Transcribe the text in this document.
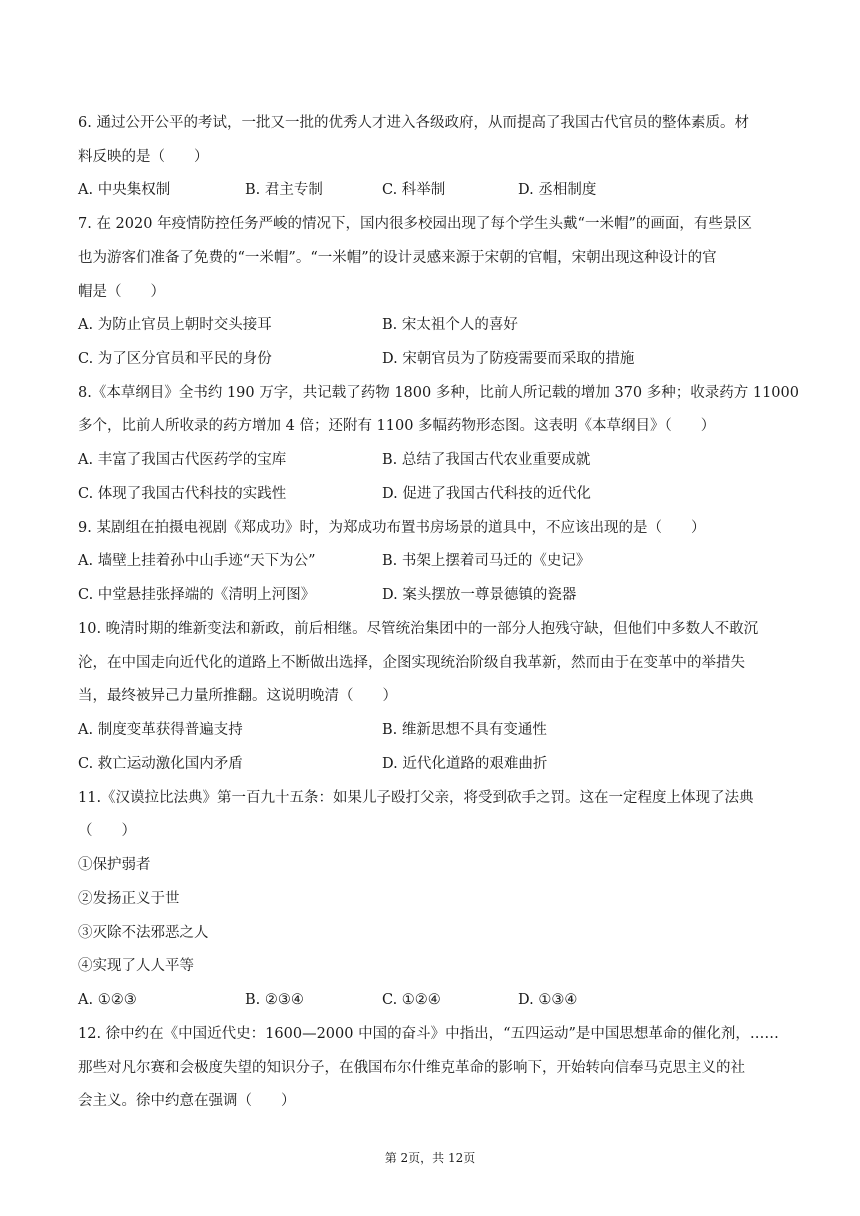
6. 通过公开公平的考试，一批又一批的优秀人才进入各级政府，从而提高了我国古代官员的整体素质。材
料反映的是（　　）
A. 中央集权制	B. 君主专制	C. 科举制	D. 丞相制度
7. 在 2020 年疫情防控任务严峻的情况下，国内很多校园出现了每个学生头戴“一米帽”的画面，有些景区
也为游客们准备了免费的“一米帽”。“一米帽”的设计灵感来源于宋朝的官帽，宋朝出现这种设计的官
帽是（　　）
A. 为防止官员上朝时交头接耳	B. 宋太祖个人的喜好
C. 为了区分官员和平民的身份	D. 宋朝官员为了防疫需要而采取的措施
8.《本草纲目》全书约 190 万字，共记载了药物 1800 多种，比前人所记载的增加 370 多种；收录药方 11000
多个，比前人所收录的药方增加 4 倍；还附有 1100 多幅药物形态图。这表明《本草纲目》（　　）
A. 丰富了我国古代医药学的宝库	B. 总结了我国古代农业重要成就
C. 体现了我国古代科技的实践性	D. 促进了我国古代科技的近代化
9. 某剧组在拍摄电视剧《郑成功》时，为郑成功布置书房场景的道具中，不应该出现的是（　　）
A. 墙壁上挂着孙中山手迹“天下为公”	B. 书架上摆着司马迁的《史记》
C. 中堂悬挂张择端的《清明上河图》	D. 案头摆放一尊景德镇的瓷器
10. 晚清时期的维新变法和新政，前后相继。尽管统治集团中的一部分人抱残守缺，但他们中多数人不敢沉
沦，在中国走向近代化的道路上不断做出选择，企图实现统治阶级自我革新，然而由于在变革中的举措失
当，最终被异己力量所推翻。这说明晚清（　　）
A. 制度变革获得普遍支持	B. 维新思想不具有变通性
C. 救亡运动激化国内矛盾	D. 近代化道路的艰难曲折
11.《汉谟拉比法典》第一百九十五条：如果儿子殴打父亲，将受到砍手之罚。这在一定程度上体现了法典
（　　）
①保护弱者
②发扬正义于世
③灭除不法邪恶之人
④实现了人人平等
A. ①②③	B. ②③④	C. ①②④	D. ①③④
12. 徐中约在《中国近代史：1600—2000 中国的奋斗》中指出，“五四运动”是中国思想革命的催化剂，……
那些对凡尔赛和会极度失望的知识分子，在俄国布尔什维克革命的影响下，开始转向信奉马克思主义的社
会主义。徐中约意在强调（　　）
第 2页，共 12页
